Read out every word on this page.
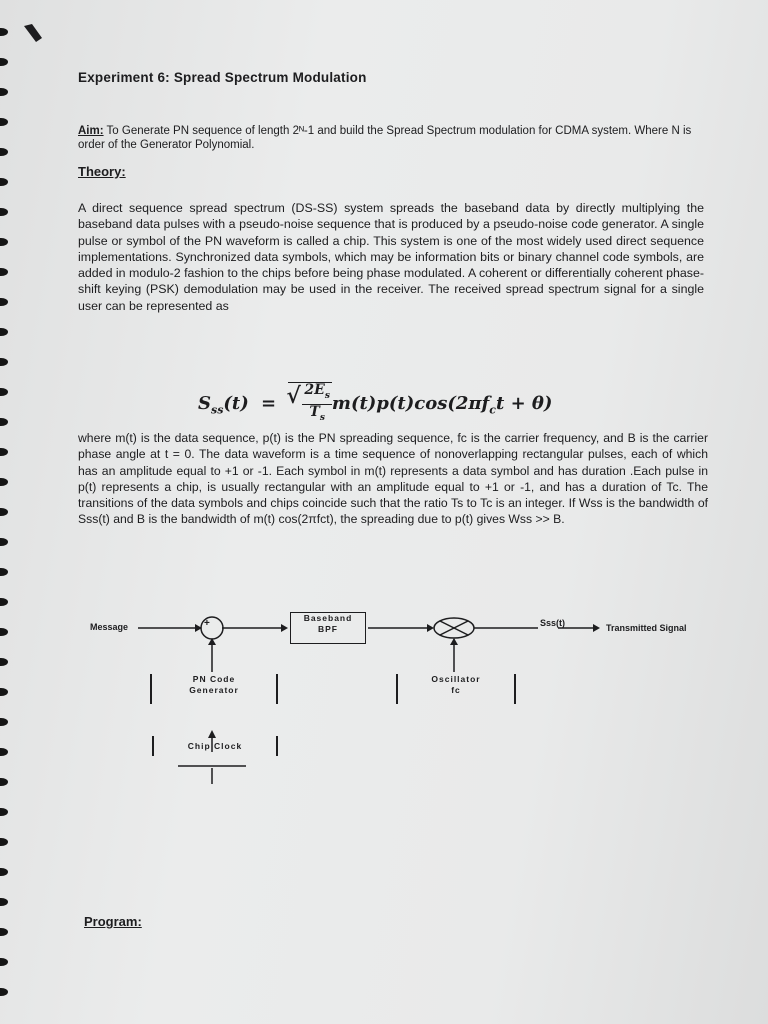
Experiment 6: Spread Spectrum Modulation
Aim: To Generate PN sequence of length 2ᴺ-1 and build the Spread Spectrum modulation for CDMA system. Where N is order of the Generator Polynomial.
Theory:
A direct sequence spread spectrum (DS-SS) system spreads the baseband data by directly multiplying the baseband data pulses with a pseudo-noise sequence that is produced by a pseudo-noise code generator. A single pulse or symbol of the PN waveform is called a chip. This system is one of the most widely used direct sequence implementations. Synchronized data symbols, which may be information bits or binary channel code symbols, are added in modulo-2 fashion to the chips before being phase modulated. A coherent or differentially coherent phase-shift keying (PSK) demodulation may be used in the receiver. The received spread spectrum signal for a single user can be represented as
$S_{ss}(t)$ = √ $2E_s$
$T_s$
$m(t)p(t)\cos(2\pi f_ct + \theta)$
where m(t) is the data sequence, p(t) is the PN spreading sequence, fc is the carrier frequency, and B is the carrier phase angle at t = 0. The data waveform is a time sequence of nonoverlapping rectangular pulses, each of which has an amplitude equal to +1 or -1. Each symbol in m(t) represents a data symbol and has duration .Each pulse in p(t) represents a chip, is usually rectangular with an amplitude equal to +1 or -1, and has a duration of Tc. The transitions of the data symbols and chips coincide such that the ratio Ts to Tc is an integer. If Wss is the bandwidth of Sss(t) and B is the bandwidth of m(t) cos(2πfct), the spreading due to p(t) gives Wss >> B.
Message	+	Baseband
BPF
Sss(t)	Transmitted Signal
PN Code
Generator
Oscillator
fc
Chip Clock
Program:
